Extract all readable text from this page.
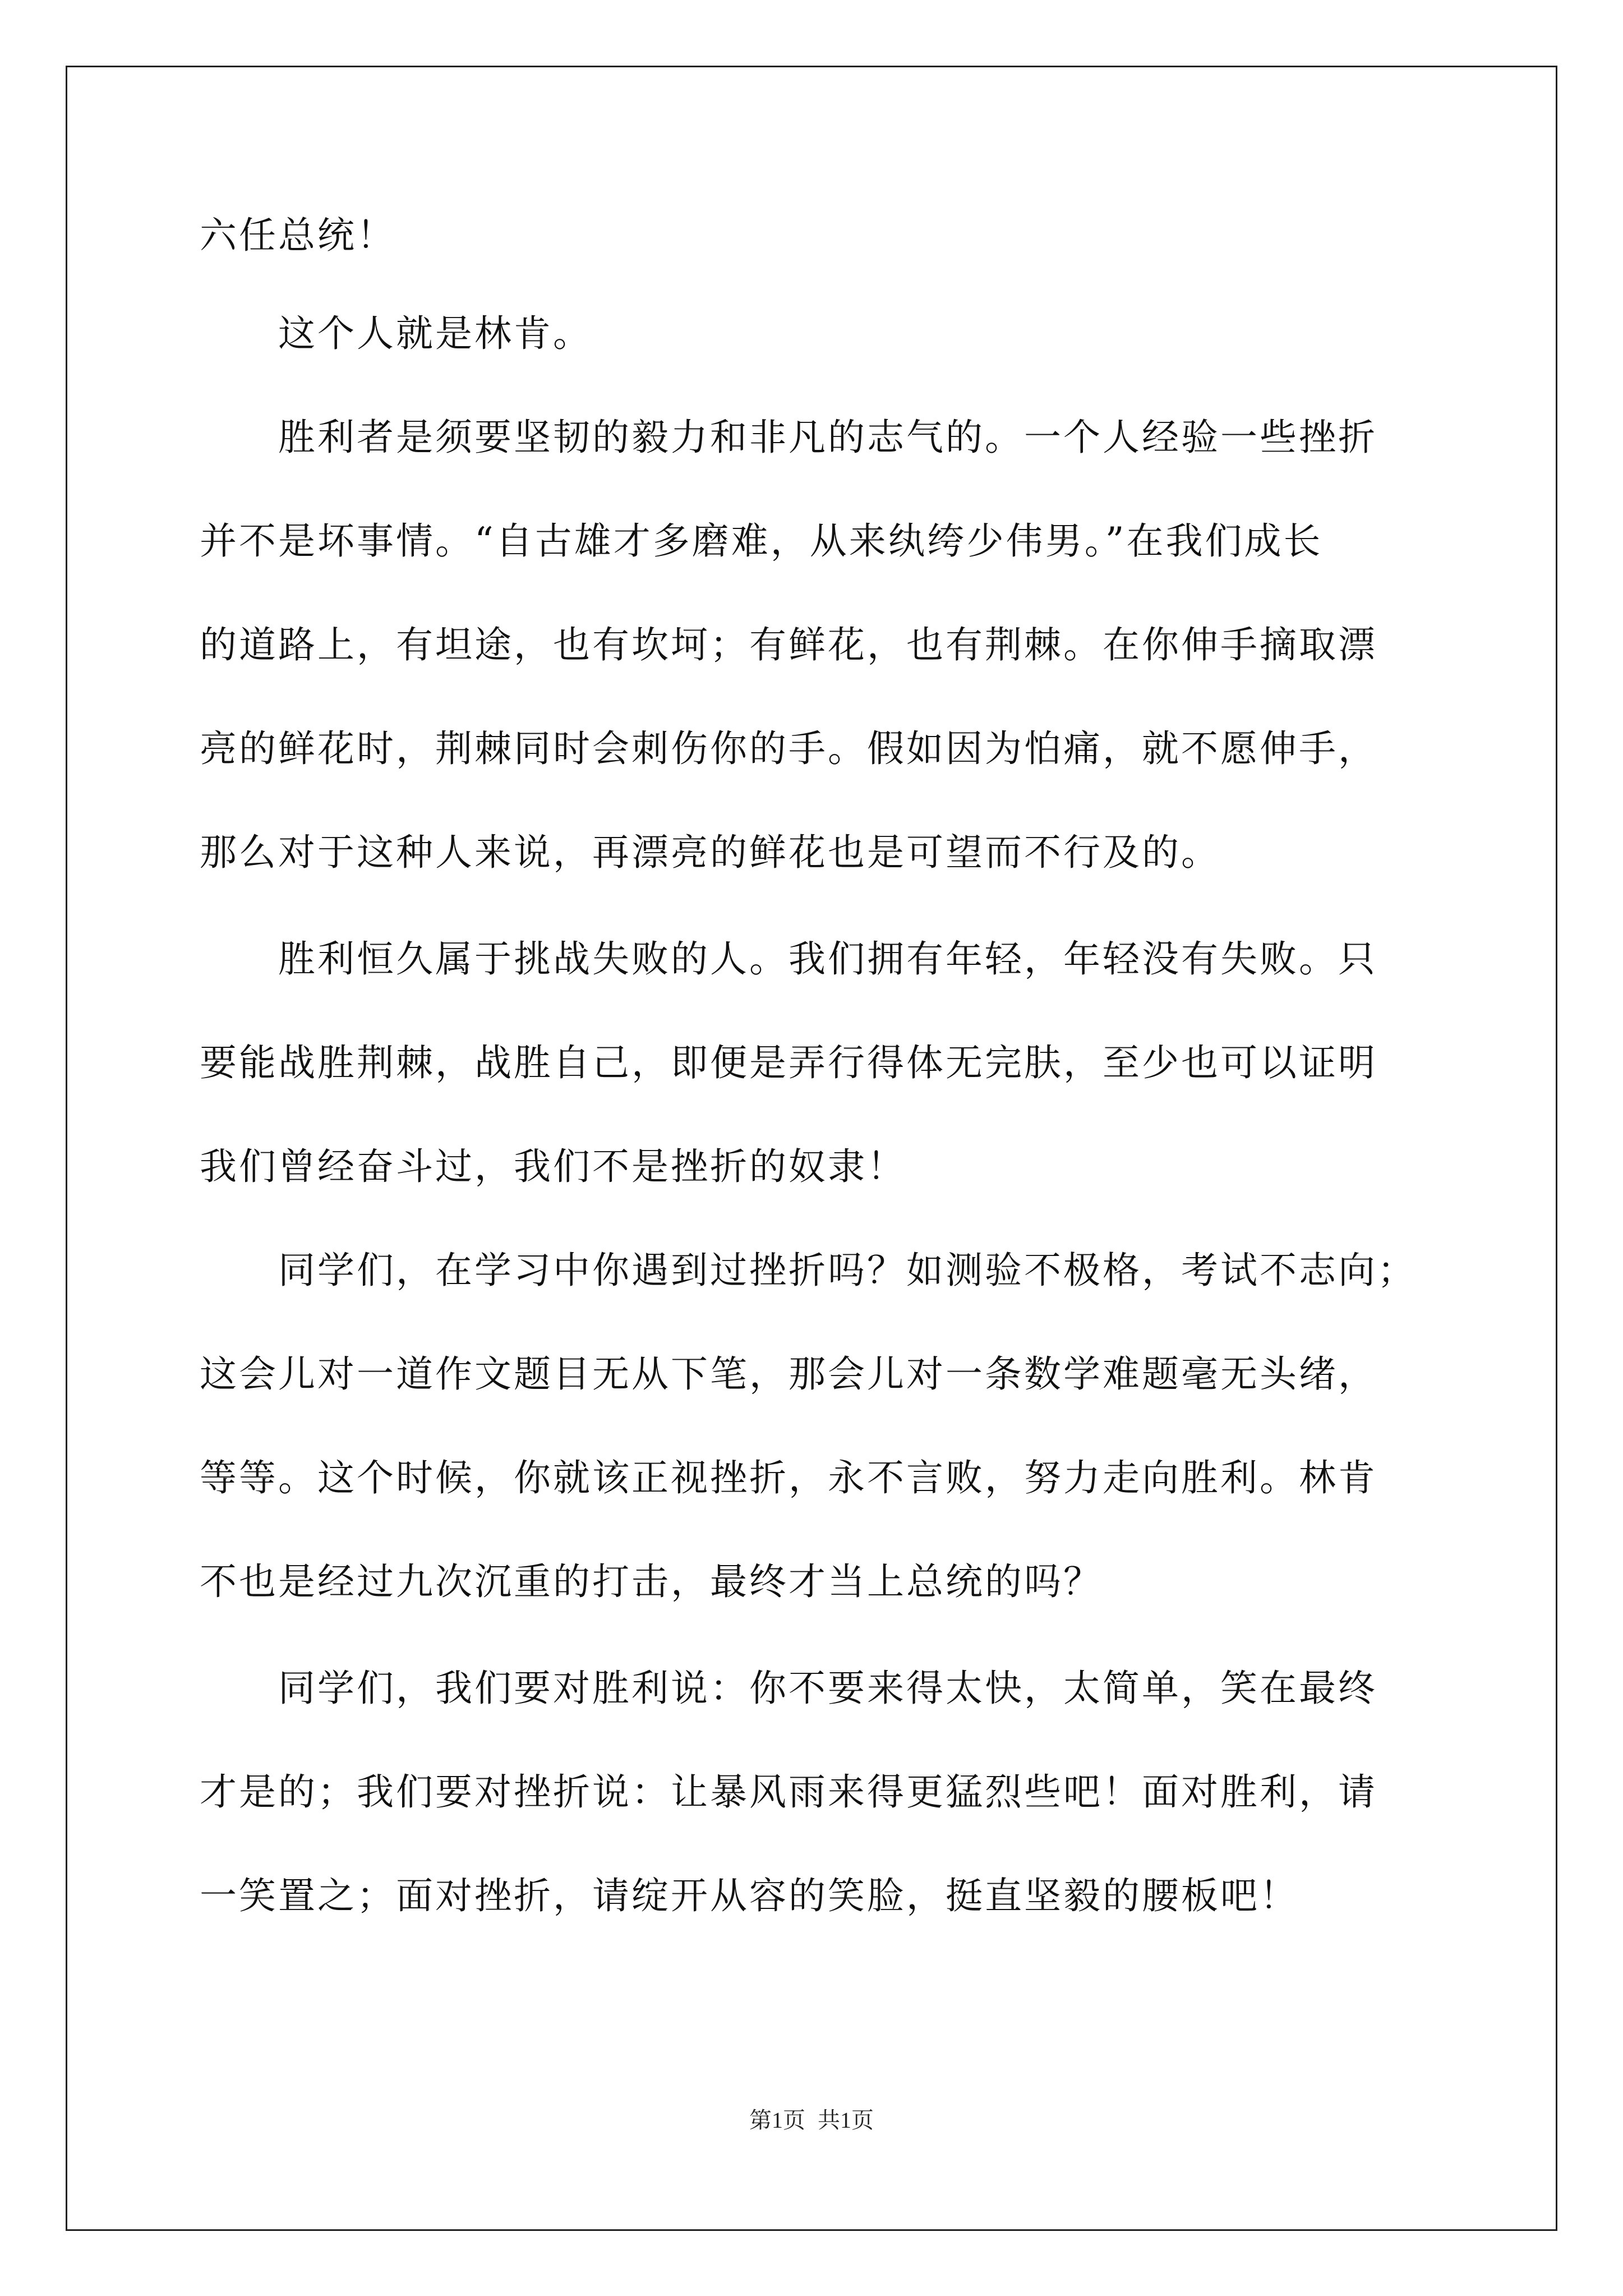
六任总统！
　　这个人就是林肯。
　　胜利者是须要坚韧的毅力和非凡的志气的。一个人经验一些挫折
并不是坏事情。“自古雄才多磨难，从来纨绔少伟男。”在我们成长
的道路上，有坦途，也有坎坷；有鲜花，也有荆棘。在你伸手摘取漂
亮的鲜花时，荆棘同时会刺伤你的手。假如因为怕痛，就不愿伸手，
那么对于这种人来说，再漂亮的鲜花也是可望而不行及的。
　　胜利恒久属于挑战失败的人。我们拥有年轻，年轻没有失败。只
要能战胜荆棘，战胜自己，即便是弄行得体无完肤，至少也可以证明
我们曾经奋斗过，我们不是挫折的奴隶！
　　同学们，在学习中你遇到过挫折吗？如测验不极格，考试不志向；
这会儿对一道作文题目无从下笔，那会儿对一条数学难题毫无头绪，
等等。这个时候，你就该正视挫折，永不言败，努力走向胜利。林肯
不也是经过九次沉重的打击，最终才当上总统的吗？
　　同学们，我们要对胜利说：你不要来得太快，太简单，笑在最终
才是的；我们要对挫折说：让暴风雨来得更猛烈些吧！面对胜利，请
一笑置之；面对挫折，请绽开从容的笑脸，挺直坚毅的腰板吧！
第1页 共1页
